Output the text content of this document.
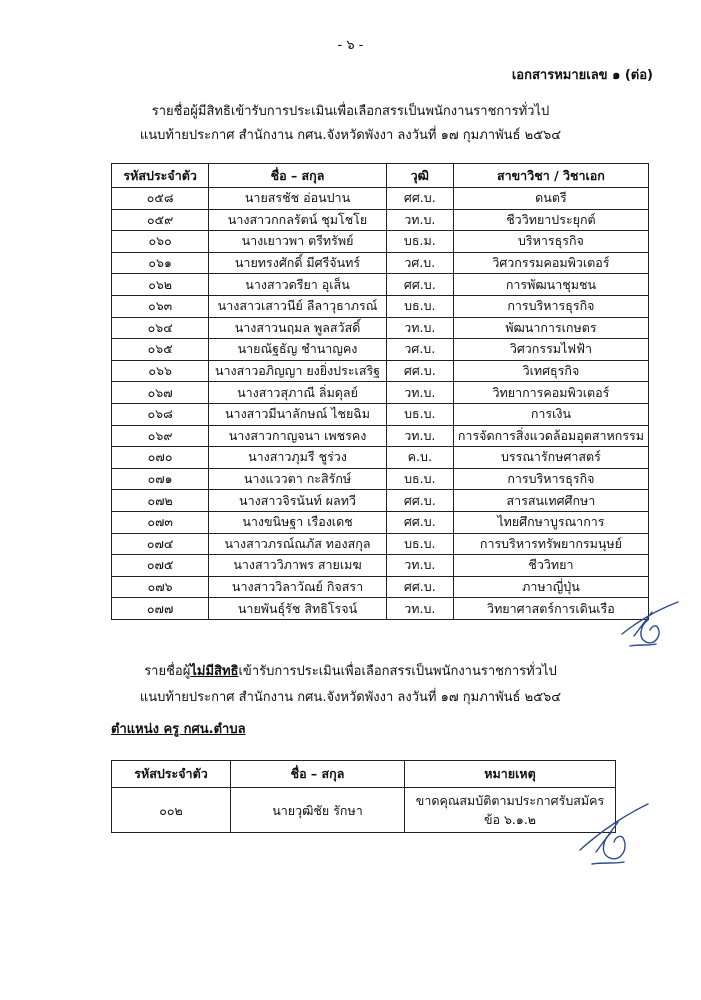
- ๖ -
เอกสารหมายเลข ๑ (ต่อ)
รายชื่อผู้มีสิทธิเข้ารับการประเมินเพื่อเลือกสรรเป็นพนักงานราชการทั่วไป
แนบท้ายประกาศ สำนักงาน กศน.จังหวัดพังงา ลงวันที่ ๑๗ กุมภาพันธ์ ๒๕๖๔
รหัสประจำตัว	ชื่อ – สกุล	วุฒิ	สาขาวิชา / วิชาเอก
๐๕๘	นายสรชัช อ่อนปาน	ศศ.บ.	ดนตรี
๐๕๙	นางสาวกกลรัตน์ ชุมโชโย	วท.บ.	ชีววิทยาประยุกต์
๐๖๐	นางเยาวพา ตรีทรัพย์	บธ.ม.	บริหารธุรกิจ
๐๖๑	นายทรงศักดิ์ มีศรีจันทร์	วศ.บ.	วิศวกรรมคอมพิวเตอร์
๐๖๒	นางสาวดรียา อุเส็น	ศศ.บ.	การพัฒนาชุมชน
๐๖๓	นางสาวเสาวนีย์ ลีลาวุธาภรณ์	บธ.บ.	การบริหารธุรกิจ
๐๖๔	นางสาวนฤมล พูลสวัสดิ์	วท.บ.	พัฒนาการเกษตร
๐๖๕	นายณัฐธัญ ชำนาญคง	วศ.บ.	วิศวกรรมไฟฟ้า
๐๖๖	นางสาวอภิญญา ยงยิ่งประเสริฐ	ศศ.บ.	วิเทศธุรกิจ
๐๖๗	นางสาวสุภาณี ลิ่มดุลย์	วท.บ.	วิทยาการคอมพิวเตอร์
๐๖๘	นางสาวมีนาลักษณ์ ไชยฉิม	บธ.บ.	การเงิน
๐๖๙	นางสาวกาญจนา เพชรคง	วท.บ.	การจัดการสิ่งแวดล้อมอุตสาหกรรม
๐๗๐	นางสาวภุมรี ชูร่วง	ค.บ.	บรรณารักษศาสตร์
๐๗๑	นางแววตา กะสิรักษ์	บธ.บ.	การบริหารธุรกิจ
๐๗๒	นางสาวจิรนันท์ ผลทวี	ศศ.บ.	สารสนเทศศึกษา
๐๗๓	นางขนิษฐา เรืองเดช	ศศ.บ.	ไทยศึกษาบูรณาการ
๐๗๔	นางสาวภรณ์ณภัส ทองสกุล	บธ.บ.	การบริหารทรัพยากรมนุษย์
๐๗๕	นางสาววิภาพร สายเมฆ	วท.บ.	ชีววิทยา
๐๗๖	นางสาววิลาวัณย์ กิจสรา	ศศ.บ.	ภาษาญี่ปุ่น
๐๗๗	นายพันธุ์รัช สิทธิโรจน์	วท.บ.	วิทยาศาสตร์การเดินเรือ
รายชื่อผู้ไม่มีสิทธิเข้ารับการประเมินเพื่อเลือกสรรเป็นพนักงานราชการทั่วไป
แนบท้ายประกาศ สำนักงาน กศน.จังหวัดพังงา ลงวันที่ ๑๗ กุมภาพันธ์ ๒๕๖๔
ตำแหน่ง ครู กศน.ตำบล
รหัสประจำตัว	ชื่อ – สกุล	หมายเหตุ
๐๐๒	นายวุฒิชัย รักษา	ขาดคุณสมบัติตามประกาศรับสมัคร
ข้อ ๖.๑.๒
